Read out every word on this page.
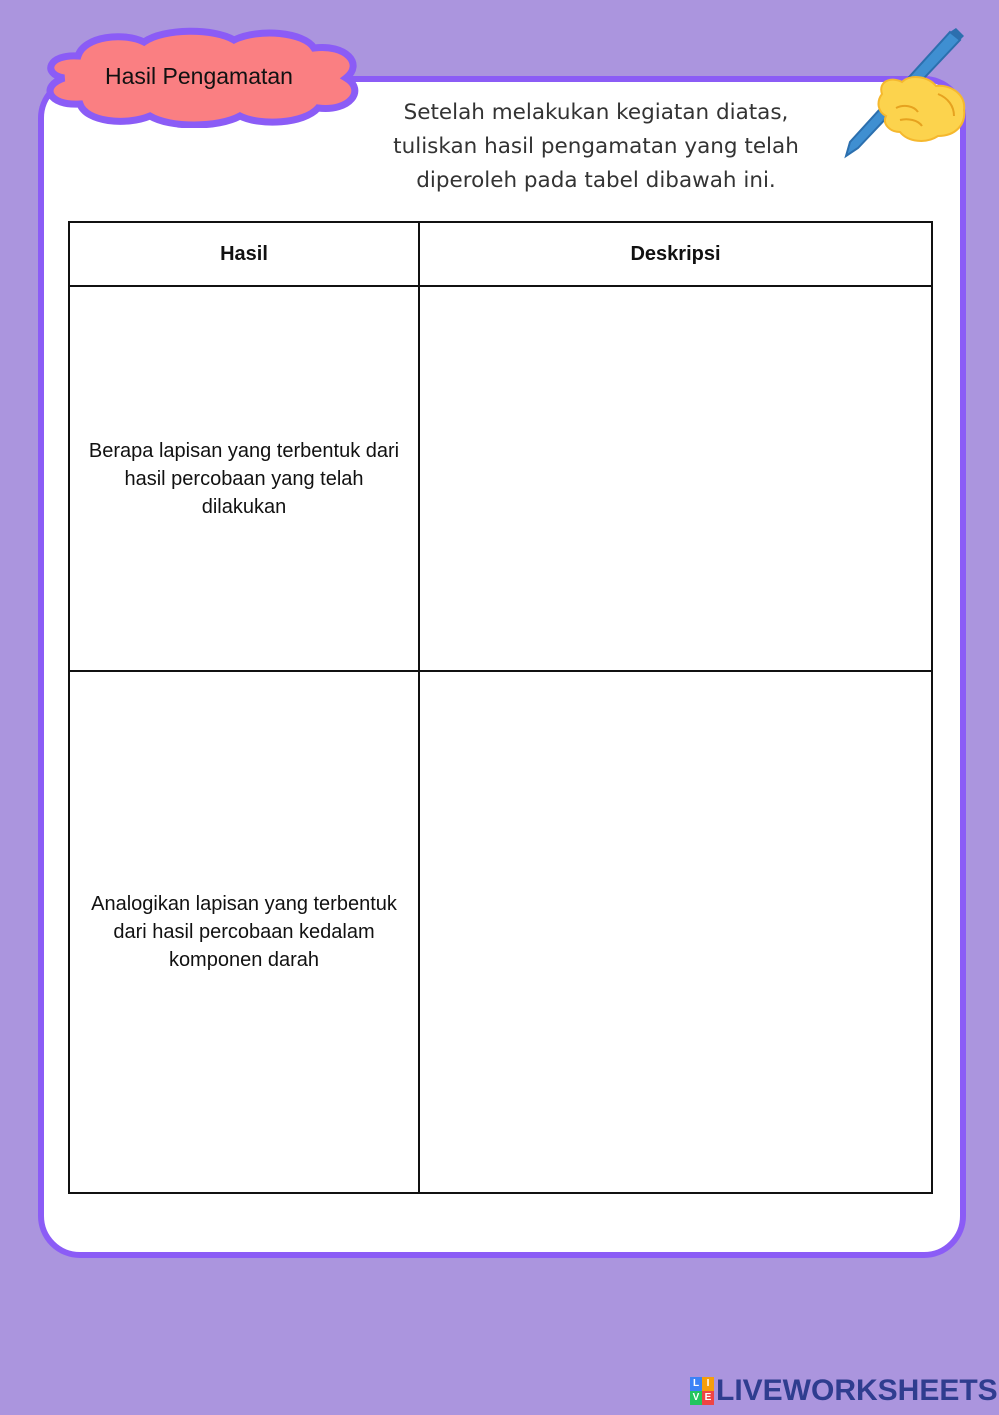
Hasil Pengamatan
Setelah melakukan kegiatan diatas,
tuliskan hasil pengamatan yang telah
diperoleh pada tabel dibawah ini.
Hasil	Deskripsi
Berapa lapisan yang terbentuk dari hasil percobaan yang telah dilakukan	
Analogikan lapisan yang terbentuk dari hasil percobaan kedalam komponen darah	
L I
V E LIVEWORKSHEETS
